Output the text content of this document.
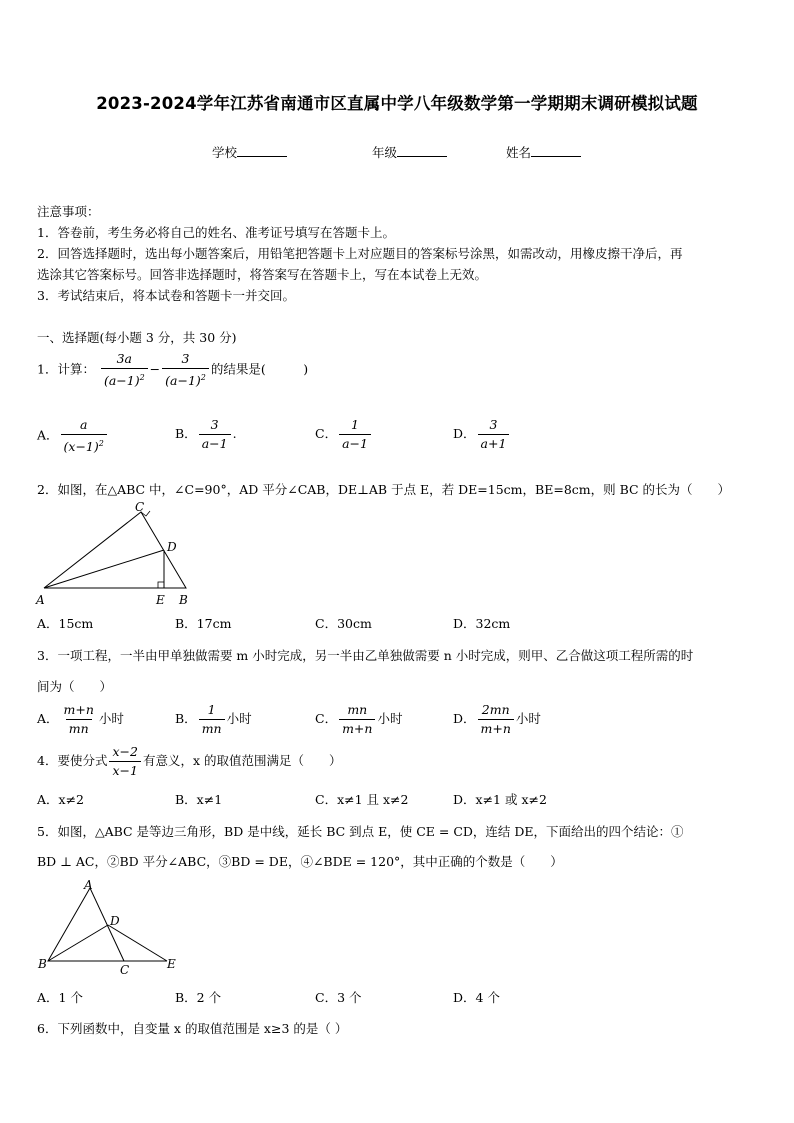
2023-2024学年江苏省南通市区直属中学八年级数学第一学期期末调研模拟试题
学校	年级	姓名
注意事项：
1．答卷前，考生务必将自己的姓名、准考证号填写在答题卡上。
2．回答选择题时，选出每小题答案后，用铅笔把答题卡上对应题目的答案标号涂黑，如需改动，用橡皮擦干净后，再
选涂其它答案标号。回答非选择题时，将答案写在答题卡上，写在本试卷上无效。
3．考试结束后，将本试卷和答题卡一并交回。
一、选择题(每小题 3 分，共 30 分)
1．计算： $\frac{3a}{(a-1)^2} - \frac{3}{(a-1)^2}$ 的结果是(　　　)
A． $\frac{a}{(x-1)^2}$	B． $\frac{3}{a-1}$ .	C． $\frac{1}{a-1}$	D． $\frac{3}{a+1}$
2．如图，在△ABC 中，∠C=90°，AD 平分∠CAB，DE⊥AB 于点 E，若 DE=15cm，BE=8cm，则 BC 的长为（　　）
A
C
D
E B
A．15cm	B．17cm	C．30cm	D．32cm
3．一项工程，一半由甲单独做需要 m 小时完成，另一半由乙单独做需要 n 小时完成，则甲、乙合做这项工程所需的时
间为（　　）
A． $\frac{m+n}{mn}$ 小时	B． $\frac{1}{mn}$ 小时	C． $\frac{mn}{m+n}$ 小时	D． $\frac{2mn}{m+n}$ 小时
4．要使分式 $\frac{x-2}{x-1}$ 有意义，x 的取值范围满足（　　）
A．x≠2	B．x≠1	C．x≠1 且 x≠2	D．x≠1 或 x≠2
5．如图，△ABC 是等边三角形，BD 是中线，延长 BC 到点 E，使 CE = CD，连结 DE，下面给出的四个结论：①
BD ⊥ AC，②BD 平分∠ABC，③BD = DE，④∠BDE = 120°，其中正确的个数是（　　）
A
D
B	C	E
A．1 个	B．2 个	C．3 个	D．4 个
6．下列函数中，自变量 x 的取值范围是 x≥3 的是（ ）
